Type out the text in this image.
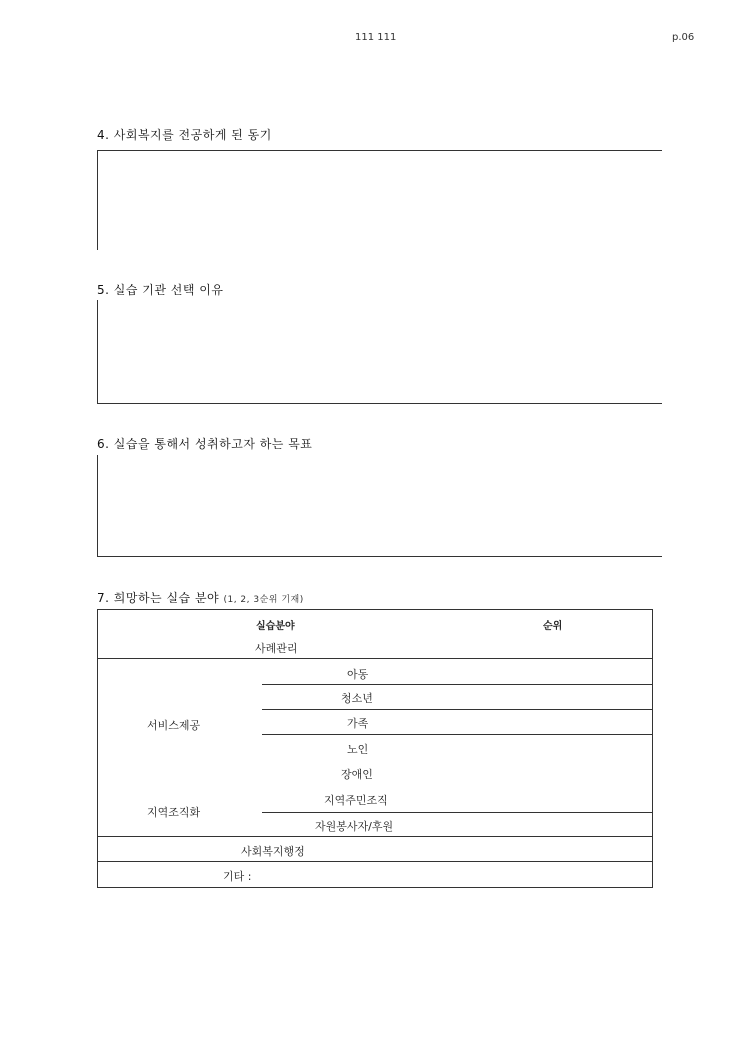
111 111	p.06
4. 사회복지를 전공하게 된 동기
5. 실습 기관 선택 이유
6. 실습을 통해서 성취하고자 하는 목표
7. 희망하는 실습 분야 (1, 2, 3순위 기재)
실습분야	순위
사례관리
서비스제공
아동
청소년
가족
노인
장애인
지역조직화
지역주민조직
자원봉사자/후원
사회복지행정
기타 :
